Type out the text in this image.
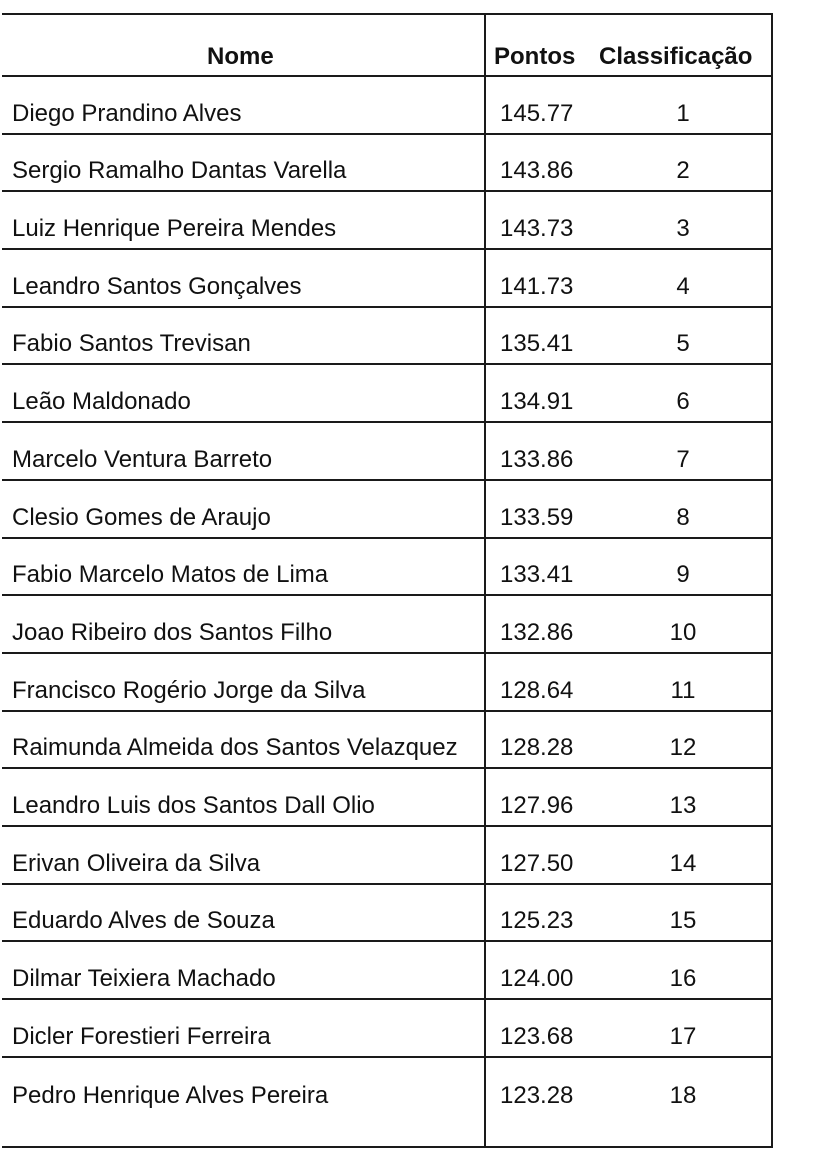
Nome	Pontos Classificação
Diego Prandino Alves	145.77	1
Sergio Ramalho Dantas Varella	143.86	2
Luiz Henrique Pereira Mendes	143.73	3
Leandro Santos Gonçalves	141.73	4
Fabio Santos Trevisan	135.41	5
Leão Maldonado	134.91	6
Marcelo Ventura Barreto	133.86	7
Clesio Gomes de Araujo	133.59	8
Fabio Marcelo Matos de Lima	133.41	9
Joao Ribeiro dos Santos Filho	132.86	10
Francisco Rogério Jorge da Silva	128.64	11
Raimunda Almeida dos Santos Velazquez 128.28	12
Leandro Luis dos Santos Dall Olio	127.96	13
Erivan Oliveira da Silva	127.50	14
Eduardo Alves de Souza	125.23	15
Dilmar Teixiera Machado	124.00	16
Dicler Forestieri Ferreira	123.68	17
Pedro Henrique Alves Pereira	123.28	18
